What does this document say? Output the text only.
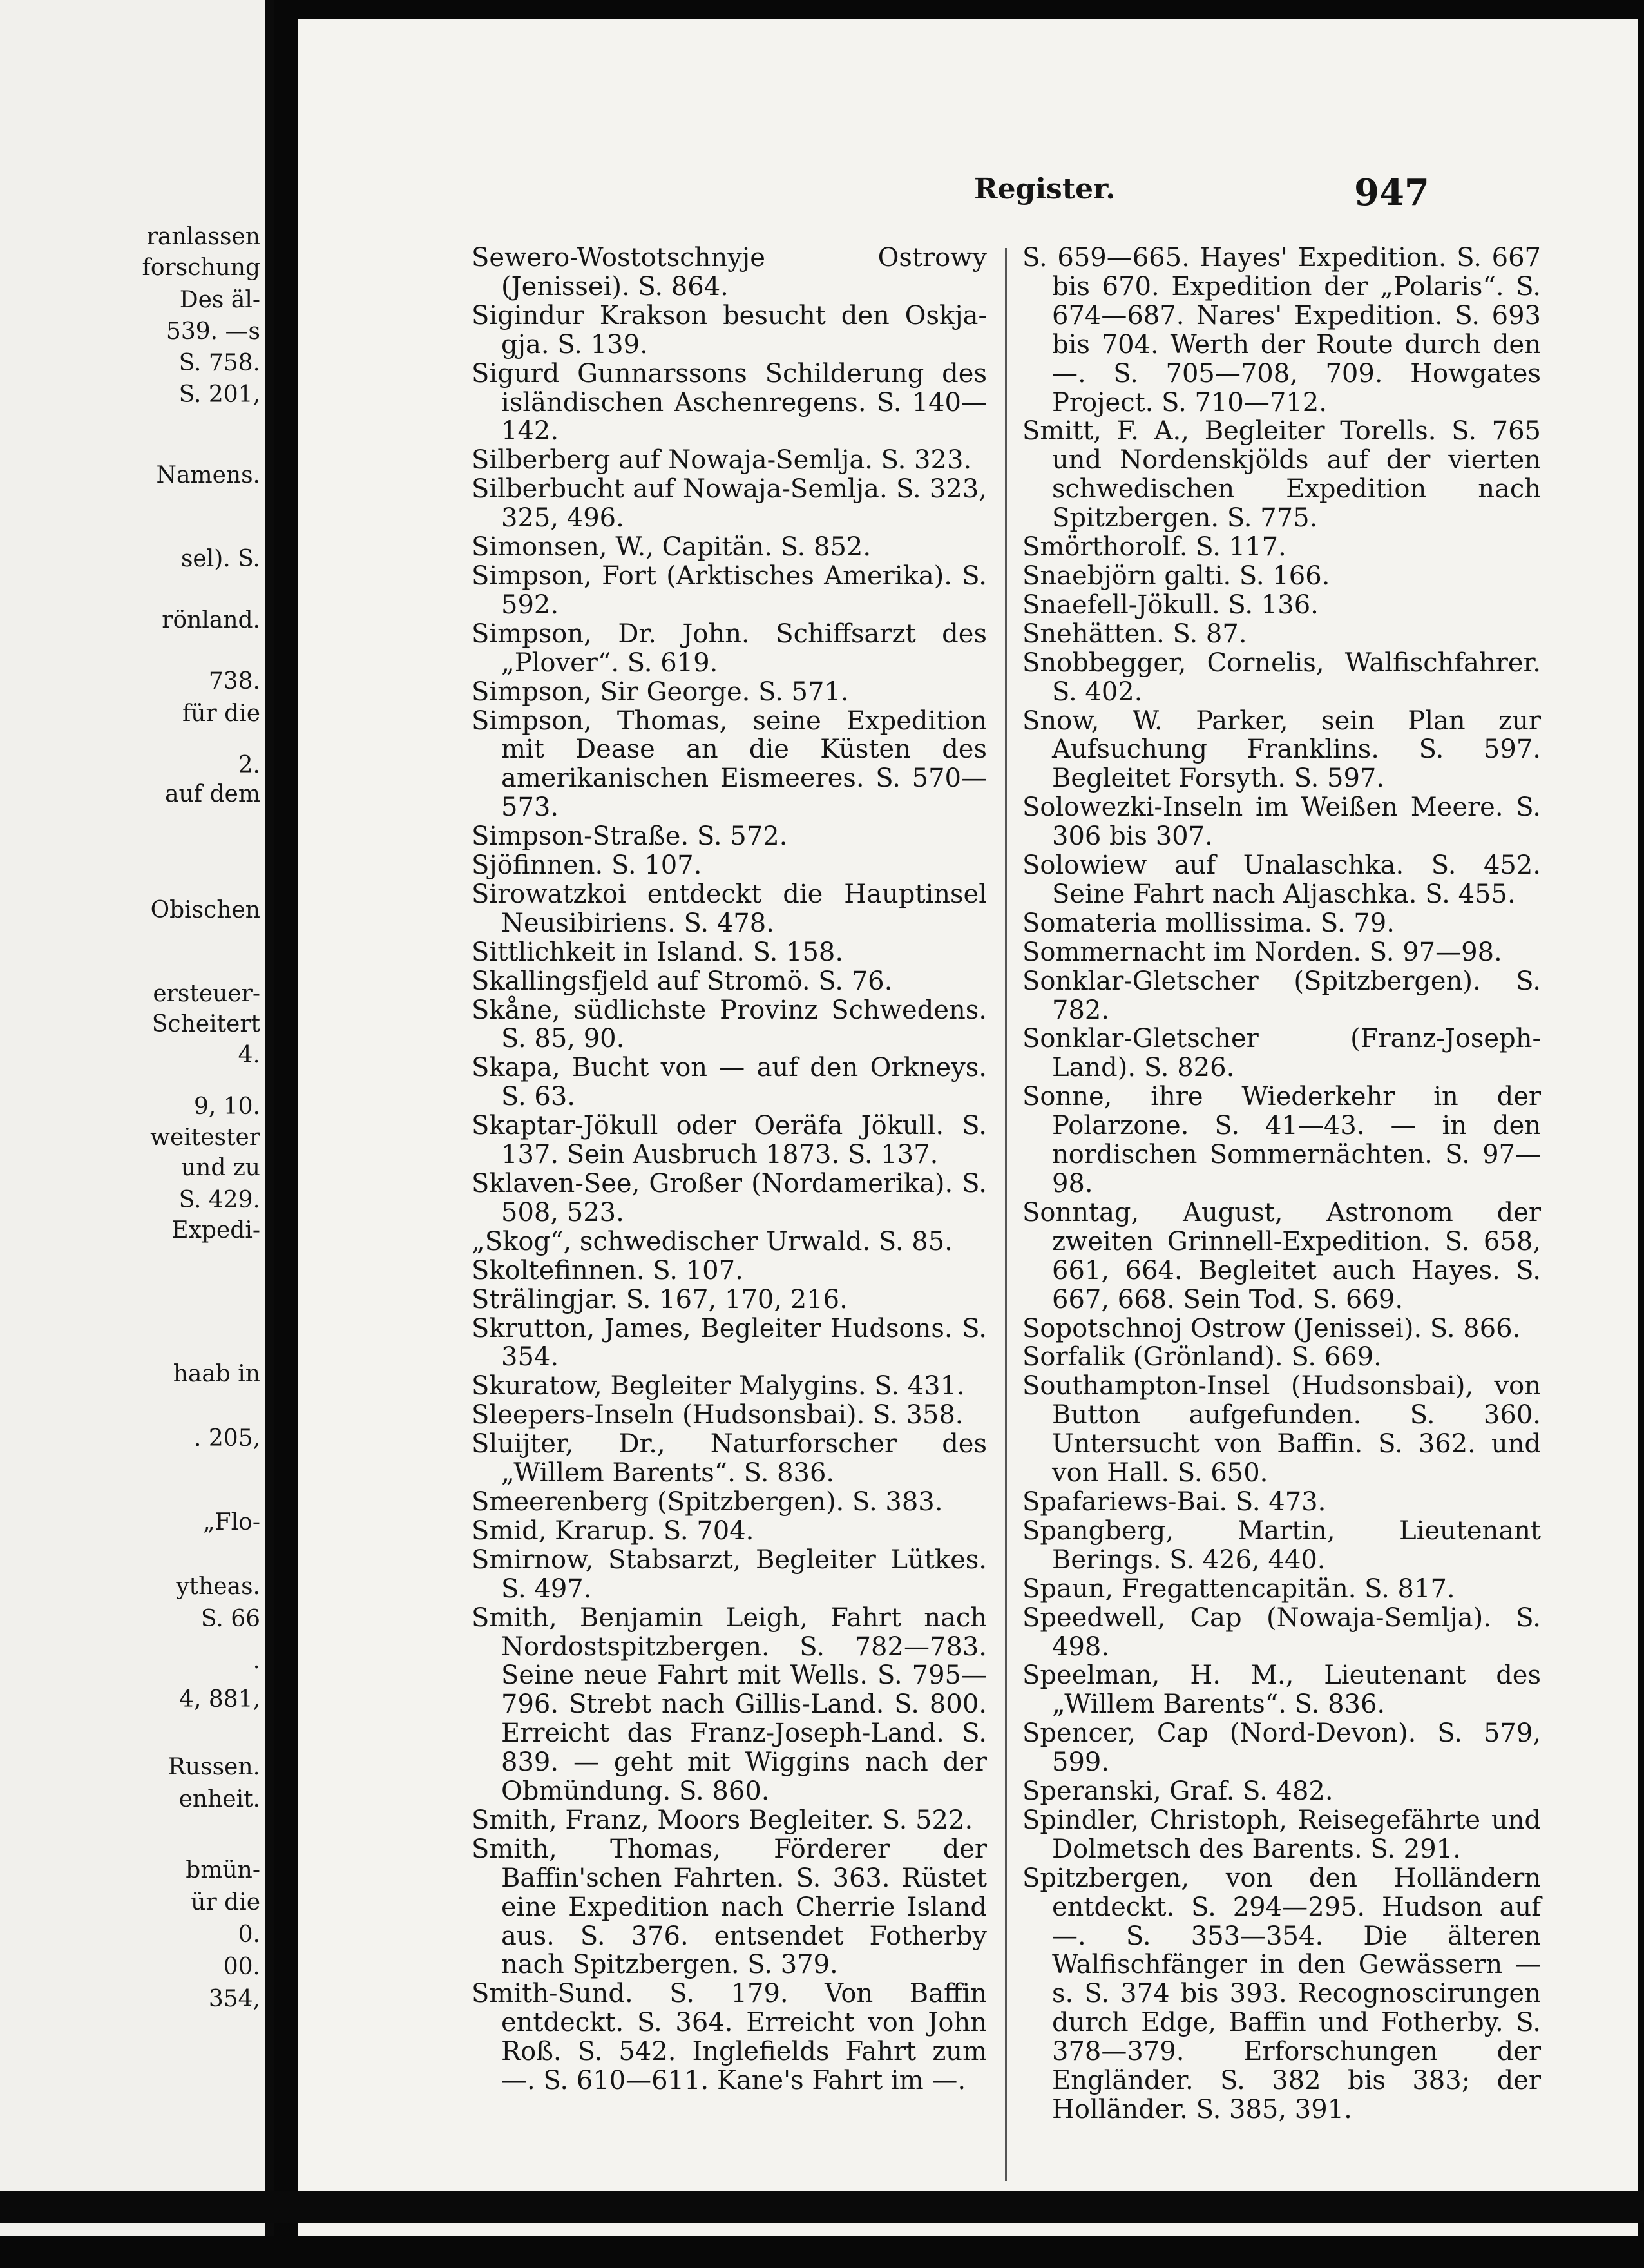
ranlassen
forschung
Des äl-
539. —s
S. 758.
S. 201,
Namens.
sel). S.
rönland.
738.
für die
2.
auf dem
Obischen
ersteuer-
Scheitert
4.
9, 10.
weitester
und zu
S. 429.
Expedi-
haab in
. 205,
„Flo-
ytheas.
S. 66
.
4, 881,
Russen.
enheit.
bmün-
ür die
0.
00.
354,
Register.	947

Sewero-Wostotschnyje Ostrowy (Jenissei). S. 864.

Sigindur Krakson besucht den Oskja-gja. S. 139.

Sigurd Gunnarssons Schilderung des isländischen Aschenregens. S. 140—142.

Silberberg auf Nowaja-Semlja. S. 323.

Silberbucht auf Nowaja-Semlja. S. 323, 325, 496.

Simonsen, W., Capitän. S. 852.

Simpson, Fort (Arktisches Amerika). S. 592.

Simpson, Dr. John. Schiffsarzt des „Plover“. S. 619.

Simpson, Sir George. S. 571.

Simpson, Thomas, seine Expedition mit Dease an die Küsten des amerikanischen Eismeeres. S. 570—573.

Simpson-Straße. S. 572.

Sjöfinnen. S. 107.

Sirowatzkoi entdeckt die Hauptinsel Neusibiriens. S. 478.

Sittlichkeit in Island. S. 158.

Skallingsfjeld auf Stromö. S. 76.

Skåne, südlichste Provinz Schwedens. S. 85, 90.

Skapa, Bucht von — auf den Orkneys. S. 63.

Skaptar-Jökull oder Oeräfa Jökull. S. 137. Sein Ausbruch 1873. S. 137.

Sklaven-See, Großer (Nordamerika). S. 508, 523.

„Skog“, schwedischer Urwald. S. 85.

Skoltefinnen. S. 107.

Strälingjar. S. 167, 170, 216.

Skrutton, James, Begleiter Hudsons. S. 354.

Skuratow, Begleiter Malygins. S. 431.

Sleepers-Inseln (Hudsonsbai). S. 358.

Sluijter, Dr., Naturforscher des „Willem Barents“. S. 836.

Smeerenberg (Spitzbergen). S. 383.

Smid, Krarup. S. 704.

Smirnow, Stabsarzt, Begleiter Lütkes. S. 497.

Smith, Benjamin Leigh, Fahrt nach Nordostspitzbergen. S. 782—783. Seine neue Fahrt mit Wells. S. 795—796. Strebt nach Gillis-Land. S. 800. Erreicht das Franz-Joseph-Land. S. 839. — geht mit Wiggins nach der Obmündung. S. 860.

Smith, Franz, Moors Begleiter. S. 522.

Smith, Thomas, Förderer der Baffin'schen Fahrten. S. 363. Rüstet eine Expedition nach Cherrie Island aus. S. 376. entsendet Fotherby nach Spitzbergen. S. 379.

Smith-Sund. S. 179. Von Baffin entdeckt. S. 364. Erreicht von John Roß. S. 542. Inglefields Fahrt zum —. S. 610—611. Kane's Fahrt im —.

S. 659—665. Hayes' Expedition. S. 667 bis 670. Expedition der „Polaris“. S. 674—687. Nares' Expedition. S. 693 bis 704. Werth der Route durch den —. S. 705—708, 709. Howgates Project. S. 710—712.

Smitt, F. A., Begleiter Torells. S. 765 und Nordenskjölds auf der vierten schwedischen Expedition nach Spitzbergen. S. 775.

Smörthorolf. S. 117.

Snaebjörn galti. S. 166.

Snaefell-Jökull. S. 136.

Snehätten. S. 87.

Snobbegger, Cornelis, Walfischfahrer. S. 402.

Snow, W. Parker, sein Plan zur Aufsuchung Franklins. S. 597. Begleitet Forsyth. S. 597.

Solowezki-Inseln im Weißen Meere. S. 306 bis 307.

Solowiew auf Unalaschka. S. 452. Seine Fahrt nach Aljaschka. S. 455.

Somateria mollissima. S. 79.

Sommernacht im Norden. S. 97—98.

Sonklar-Gletscher (Spitzbergen). S. 782.

Sonklar-Gletscher (Franz-Joseph-Land). S. 826.

Sonne, ihre Wiederkehr in der Polarzone. S. 41—43. — in den nordischen Sommernächten. S. 97—98.

Sonntag, August, Astronom der zweiten Grinnell-Expedition. S. 658, 661, 664. Begleitet auch Hayes. S. 667, 668. Sein Tod. S. 669.

Sopotschnoj Ostrow (Jenissei). S. 866.

Sorfalik (Grönland). S. 669.

Southampton-Insel (Hudsonsbai), von Button aufgefunden. S. 360. Untersucht von Baffin. S. 362. und von Hall. S. 650.

Spafariews-Bai. S. 473.

Spangberg, Martin, Lieutenant Berings. S. 426, 440.

Spaun, Fregattencapitän. S. 817.

Speedwell, Cap (Nowaja-Semlja). S. 498.

Speelman, H. M., Lieutenant des „Willem Barents“. S. 836.

Spencer, Cap (Nord-Devon). S. 579, 599.

Speranski, Graf. S. 482.

Spindler, Christoph, Reisegefährte und Dolmetsch des Barents. S. 291.

Spitzbergen, von den Holländern entdeckt. S. 294—295. Hudson auf —. S. 353—354. Die älteren Walfischfänger in den Gewässern —s. S. 374 bis 393. Recognoscirungen durch Edge, Baffin und Fotherby. S. 378—379. Erforschungen der Engländer. S. 382 bis 383; der Holländer. S. 385, 391.
